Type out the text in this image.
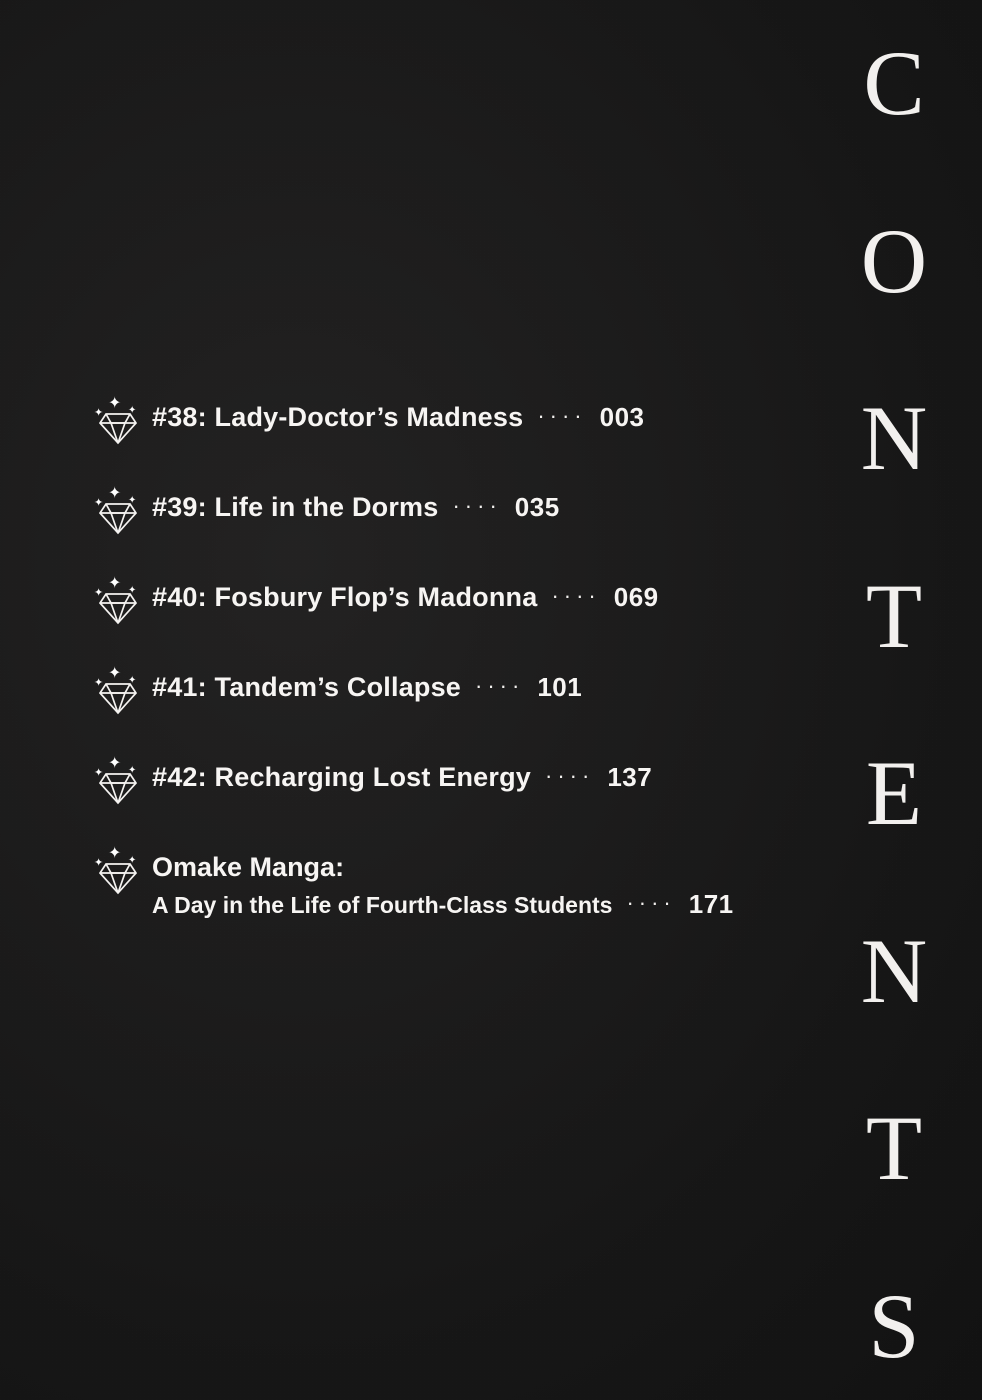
C
O
N
T
E
N
T
S
✦
✦ ✦ #38: Lady-Doctor’s Madness ···· 003
✦
✦ ✦ #39: Life in the Dorms ···· 035
✦
✦ ✦ #40: Fosbury Flop’s Madonna ···· 069
✦
✦ ✦ #41: Tandem’s Collapse ···· 101
✦
✦ ✦ #42: Recharging Lost Energy ···· 137
✦
✦ ✦ Omake Manga:
A Day in the Life of Fourth-Class Students ···· 171
